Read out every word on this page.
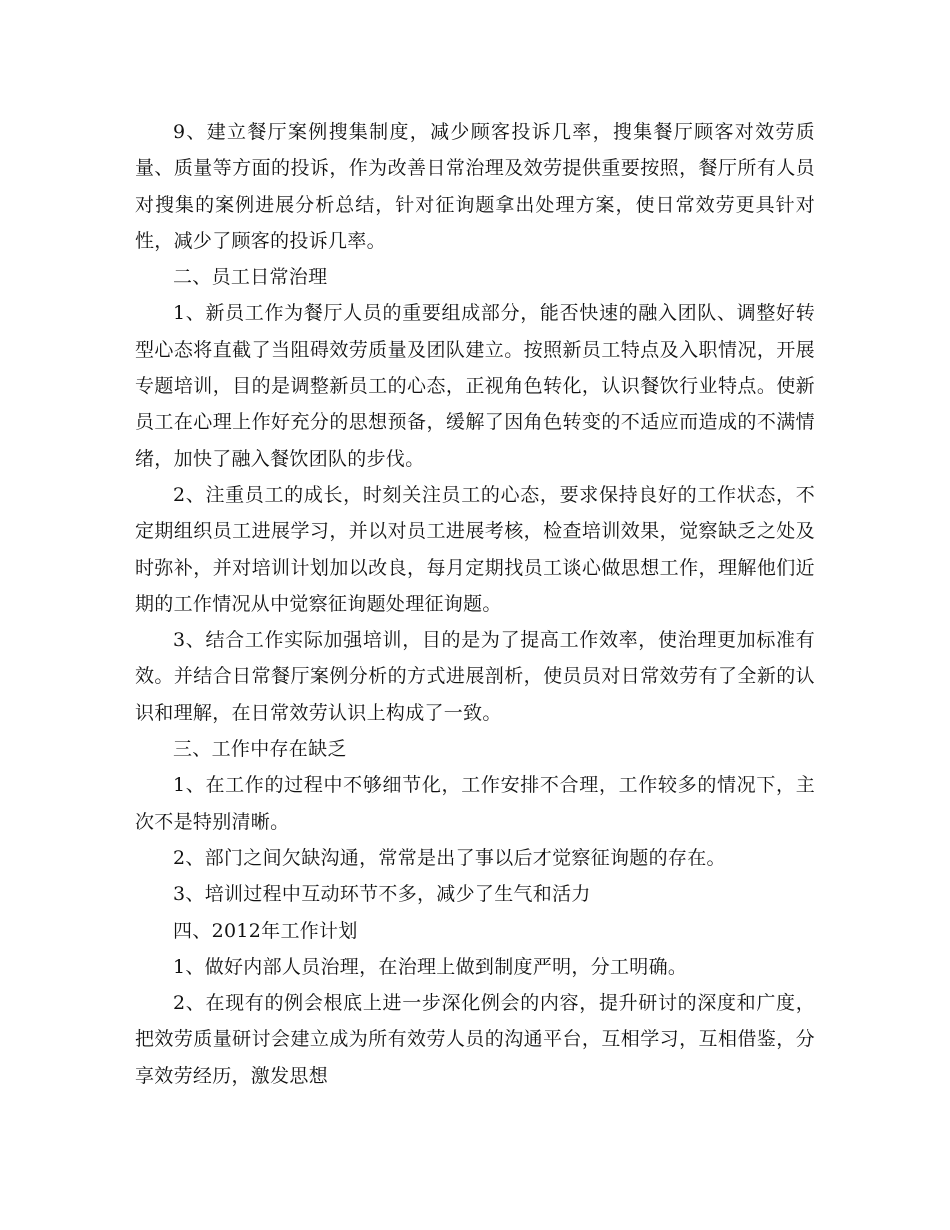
9、建立餐厅案例搜集制度，减少顾客投诉几率，搜集餐厅顾客对效劳质量、质量等方面的投诉，作为改善日常治理及效劳提供重要按照，餐厅所有人员对搜集的案例进展分析总结，针对征询题拿出处理方案，使日常效劳更具针对性，减少了顾客的投诉几率。

二、员工日常治理

1、新员工作为餐厅人员的重要组成部分，能否快速的融入团队、调整好转型心态将直截了当阻碍效劳质量及团队建立。按照新员工特点及入职情况，开展专题培训，目的是调整新员工的心态，正视角色转化，认识餐饮行业特点。使新员工在心理上作好充分的思想预备，缓解了因角色转变的不适应而造成的不满情绪，加快了融入餐饮团队的步伐。

2、注重员工的成长，时刻关注员工的心态，要求保持良好的工作状态，不定期组织员工进展学习，并以对员工进展考核，检查培训效果，觉察缺乏之处及时弥补，并对培训计划加以改良，每月定期找员工谈心做思想工作，理解他们近期的工作情况从中觉察征询题处理征询题。

3、结合工作实际加强培训，目的是为了提高工作效率，使治理更加标准有效。并结合日常餐厅案例分析的方式进展剖析，使员员对日常效劳有了全新的认识和理解，在日常效劳认识上构成了一致。

三、工作中存在缺乏

1、在工作的过程中不够细节化，工作安排不合理，工作较多的情况下，主次不是特别清晰。

2、部门之间欠缺沟通，常常是出了事以后才觉察征询题的存在。

3、培训过程中互动环节不多，减少了生气和活力

四、2012年工作计划

1、做好内部人员治理，在治理上做到制度严明，分工明确。

2、在现有的例会根底上进一步深化例会的内容，提升研讨的深度和广度，把效劳质量研讨会建立成为所有效劳人员的沟通平台，互相学习，互相借鉴，分享效劳经历，激发思想
